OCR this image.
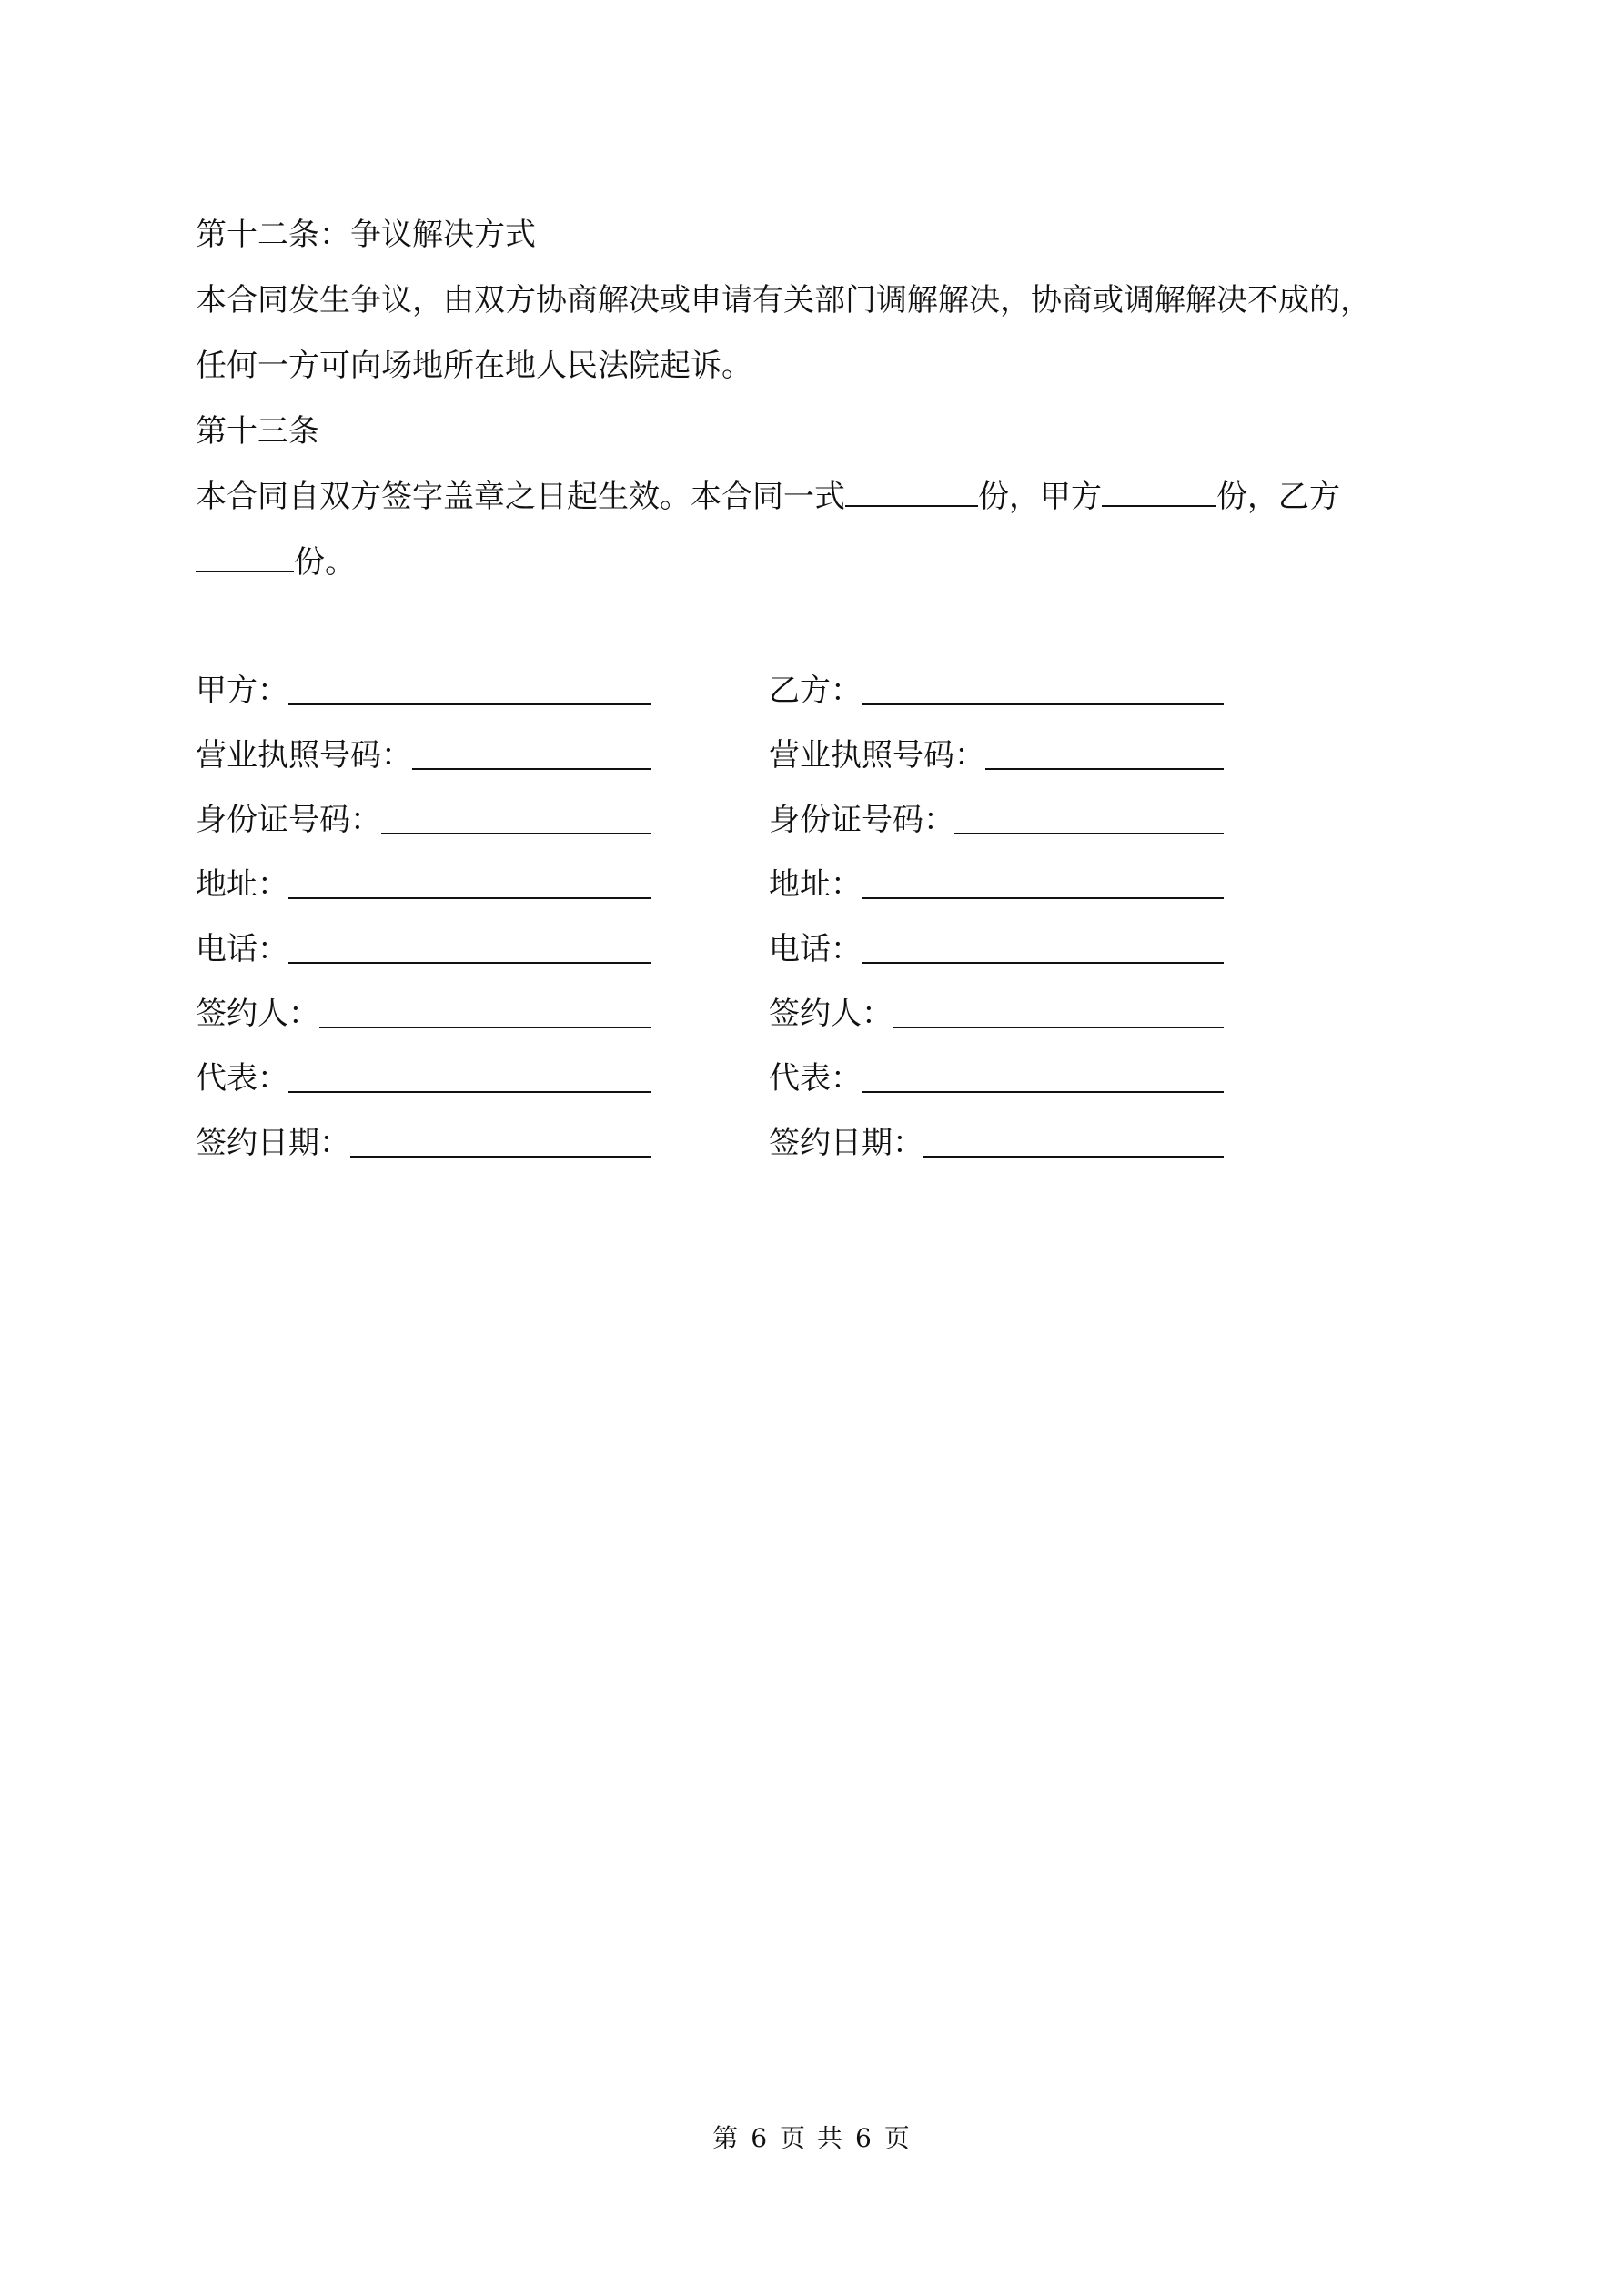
第十二条：争议解决方式

本合同发生争议，由双方协商解决或申请有关部门调解解决，协商或调解解决不成的，

任何一方可向场地所在地人民法院起诉。

第十三条

本合同自双方签字盖章之日起生效。本合同一式	份，甲方	份，乙方

份。

甲方：	乙方：
营业执照号码：	营业执照号码：
身份证号码：	身份证号码：
地址：	地址：
电话：	电话：
签约人：	签约人：
代表：	代表：
签约日期：	签约日期：
第 6 页 共 6 页
